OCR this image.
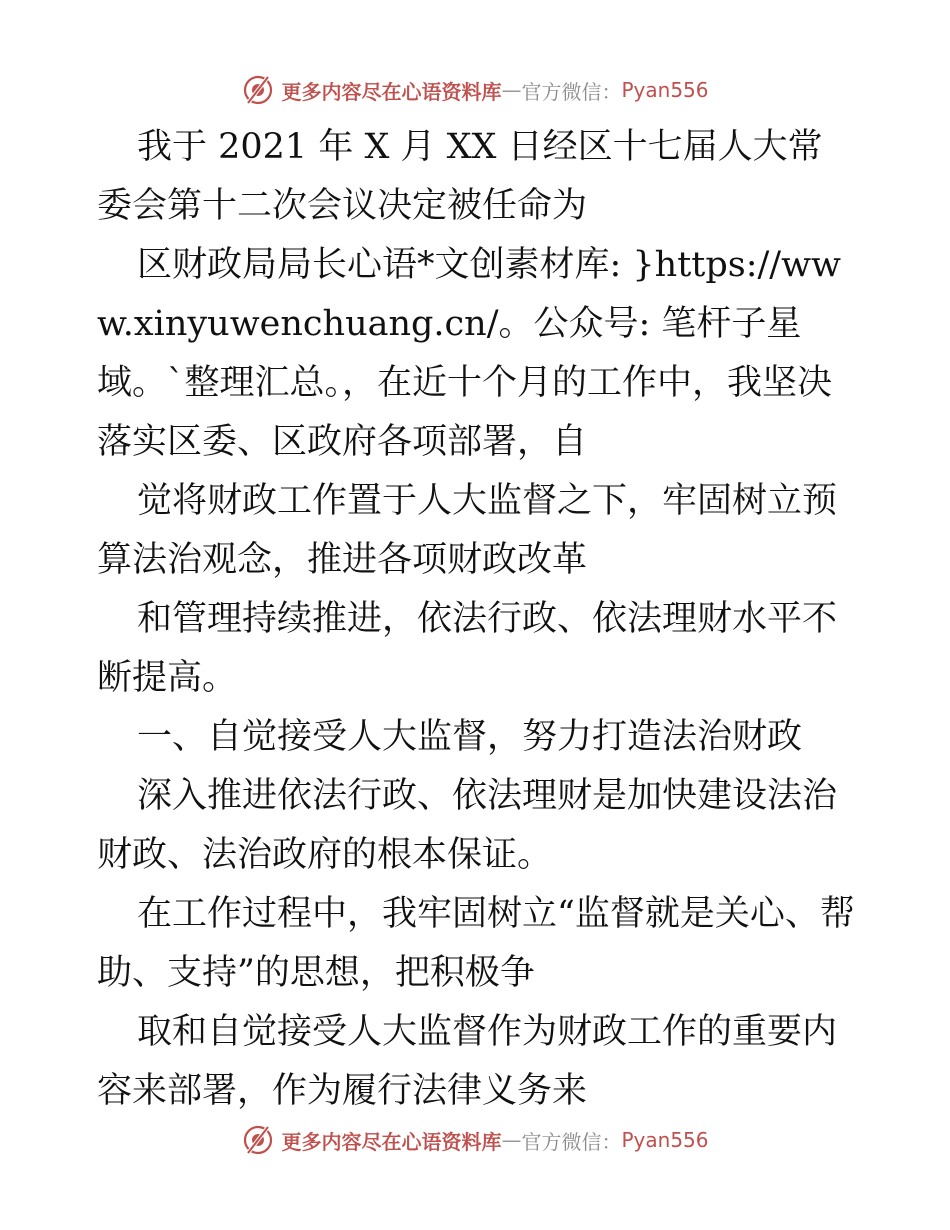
更多内容尽在心语资料库 — 官方微信： Pyan556

我于 2021 年 X 月 XX 日经区十七届人大常委会第十二次会议决定被任命为

区财政局局长心语*文创素材库: }https://www.xinyuwenchuang.cn/。公众号: 笔杆子星域。`整理汇总。，在近十个月的工作中，我坚决落实区委、区政府各项部署，自

觉将财政工作置于人大监督之下，牢固树立预算法治观念，推进各项财政改革

和管理持续推进，依法行政、依法理财水平不断提高。

一、自觉接受人大监督，努力打造法治财政

深入推进依法行政、依法理财是加快建设法治财政、法治政府的根本保证。

在工作过程中，我牢固树立“监督就是关心、帮助、支持”的思想，把积极争

取和自觉接受人大监督作为财政工作的重要内容来部署，作为履行法律义务来

更多内容尽在心语资料库 — 官方微信： Pyan556
